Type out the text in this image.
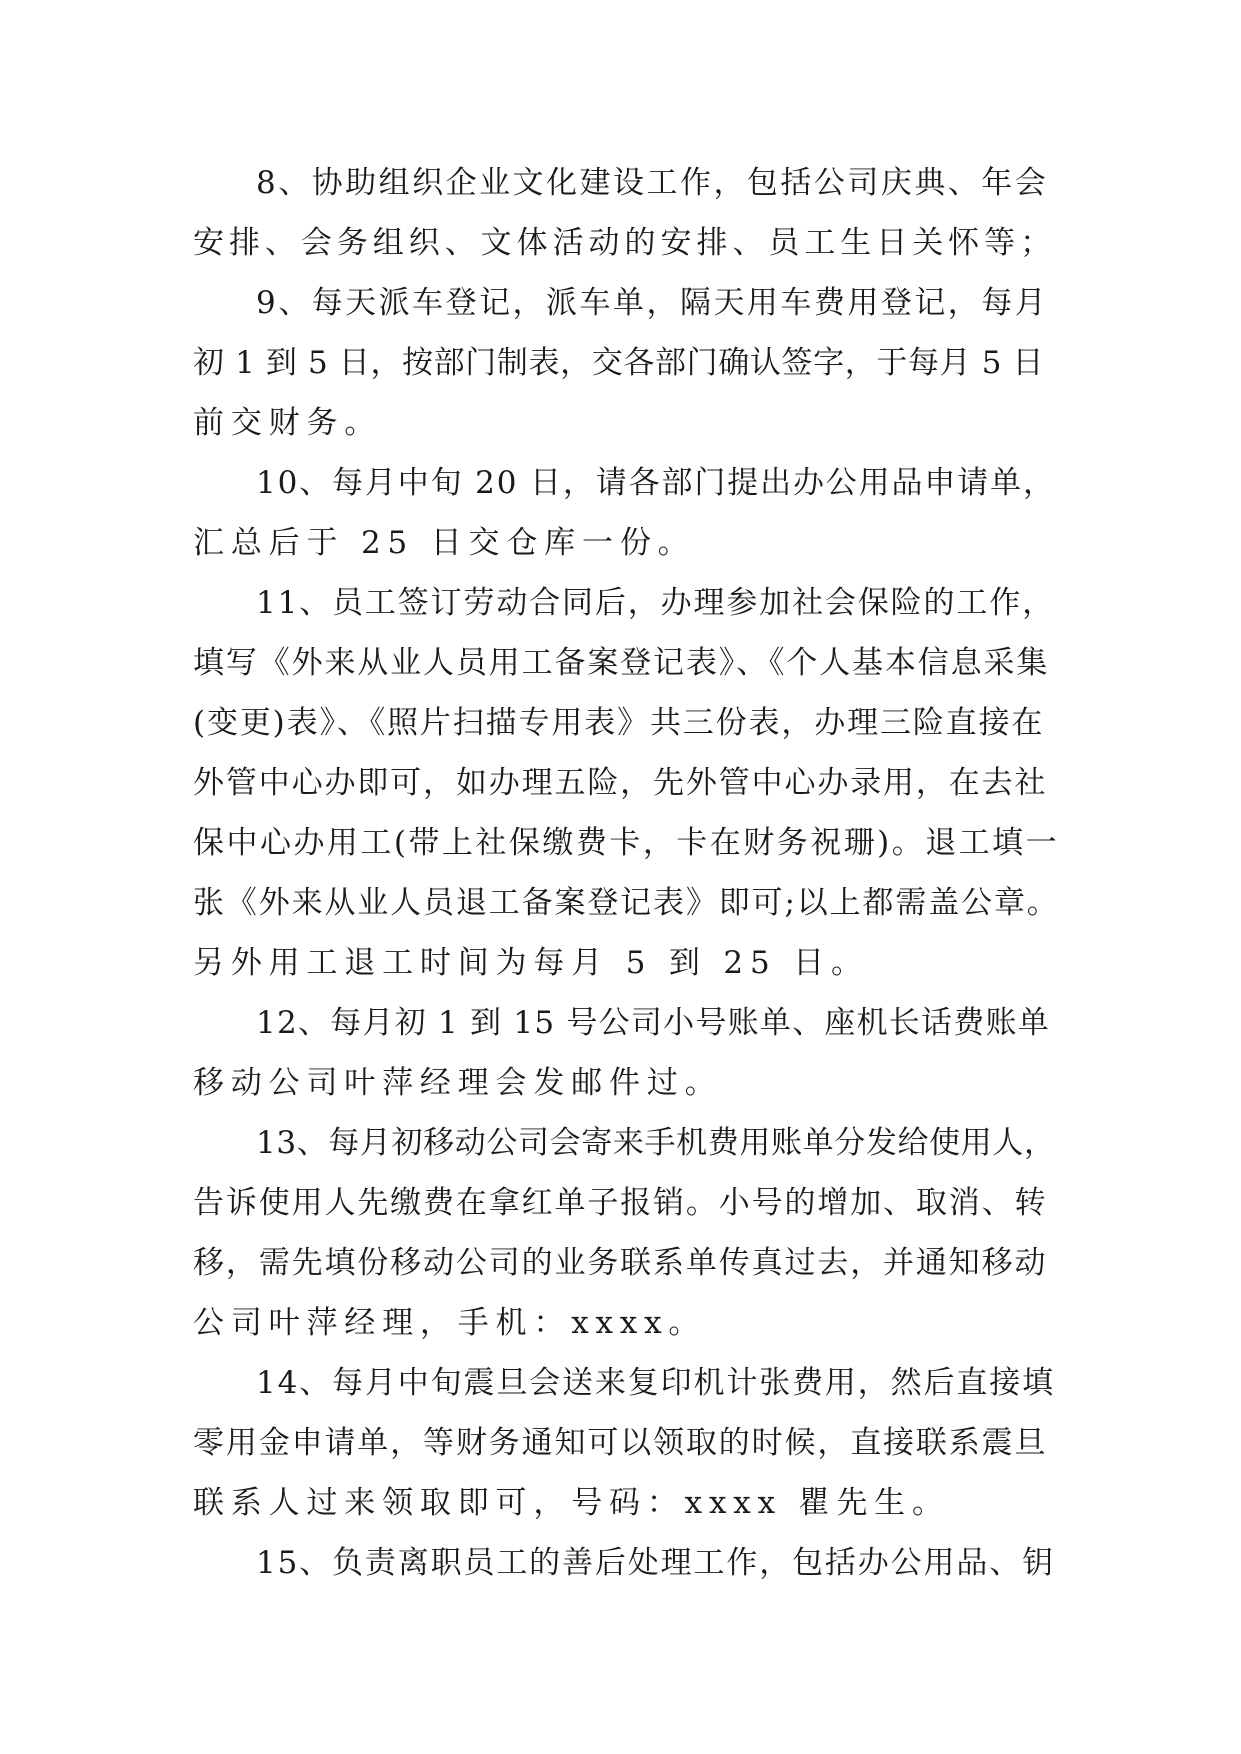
8、协助组织企业文化建设工作，包括公司庆典、年会

安排、会务组织、文体活动的安排、员工生日关怀等；

9、每天派车登记，派车单，隔天用车费用登记，每月

初 1 到 5 日，按部门制表，交各部门确认签字，于每月 5 日

前交财务。

10、每月中旬 20 日，请各部门提出办公用品申请单，

汇总后于 25 日交仓库一份。

11、员工签订劳动合同后，办理参加社会保险的工作，

填写《外来从业人员用工备案登记表》、《个人基本信息采集

(变更)表》、《照片扫描专用表》共三份表，办理三险直接在

外管中心办即可，如办理五险，先外管中心办录用，在去社

保中心办用工(带上社保缴费卡，卡在财务祝珊)。退工填一

张《外来从业人员退工备案登记表》即可;以上都需盖公章。

另外用工退工时间为每月 5 到 25 日。

12、每月初 1 到 15 号公司小号账单、座机长话费账单

移动公司叶萍经理会发邮件过。

13、每月初移动公司会寄来手机费用账单分发给使用人，

告诉使用人先缴费在拿红单子报销。小号的增加、取消、转

移，需先填份移动公司的业务联系单传真过去，并通知移动

公司叶萍经理，手机：xxxx。

14、每月中旬震旦会送来复印机计张费用，然后直接填

零用金申请单，等财务通知可以领取的时候，直接联系震旦

联系人过来领取即可，号码：xxxx 瞿先生。

15、负责离职员工的善后处理工作，包括办公用品、钥
